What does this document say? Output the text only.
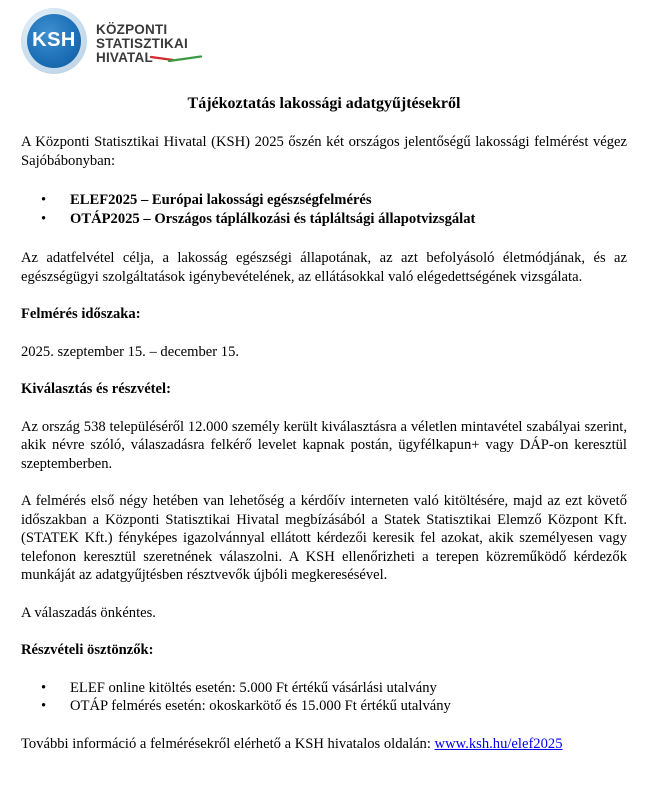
KSH	KÖZPONTI
STATISZTIKAI
HIVATAL
Tájékoztatás lakossági adatgyűjtésekről

A Központi Statisztikai Hivatal (KSH) 2025 őszén két országos jelentőségű lakossági felmérést végez Sajóbábonyban:

• ELEF2025 – Európai lakossági egészségfelmérés
• OTÁP2025 – Országos táplálkozási és tápláltsági állapotvizsgálat

Az adatfelvétel célja, a lakosság egészségi állapotának, az azt befolyásoló életmódjának, és az egészségügyi szolgáltatások igénybevételének, az ellátásokkal való elégedettségének vizsgálata.

Felmérés időszaka:

2025. szeptember 15. – december 15.

Kiválasztás és részvétel:

Az ország 538 településéről 12.000 személy került kiválasztásra a véletlen mintavétel szabályai szerint, akik névre szóló, válaszadásra felkérő levelet kapnak postán, ügyfélkapun+ vagy DÁP-on keresztül szeptemberben.

A felmérés első négy hetében van lehetőség a kérdőív interneten való kitöltésére, majd az ezt követő időszakban a Központi Statisztikai Hivatal megbízásából a Statek Statisztikai Elemző Központ Kft. (STATEK Kft.) fényképes igazolvánnyal ellátott kérdezői keresik fel azokat, akik személyesen vagy telefonon keresztül szeretnének válaszolni. A KSH ellenőrizheti a terepen közreműködő kérdezők munkáját az adatgyűjtésben résztvevők újbóli megkeresésével.

A válaszadás önkéntes.

Részvételi ösztönzők:

• ELEF online kitöltés esetén: 5.000 Ft értékű vásárlási utalvány
• OTÁP felmérés esetén: okoskarkötő és 15.000 Ft értékű utalvány

További információ a felmérésekről elérhető a KSH hivatalos oldalán: www.ksh.hu/elef2025
